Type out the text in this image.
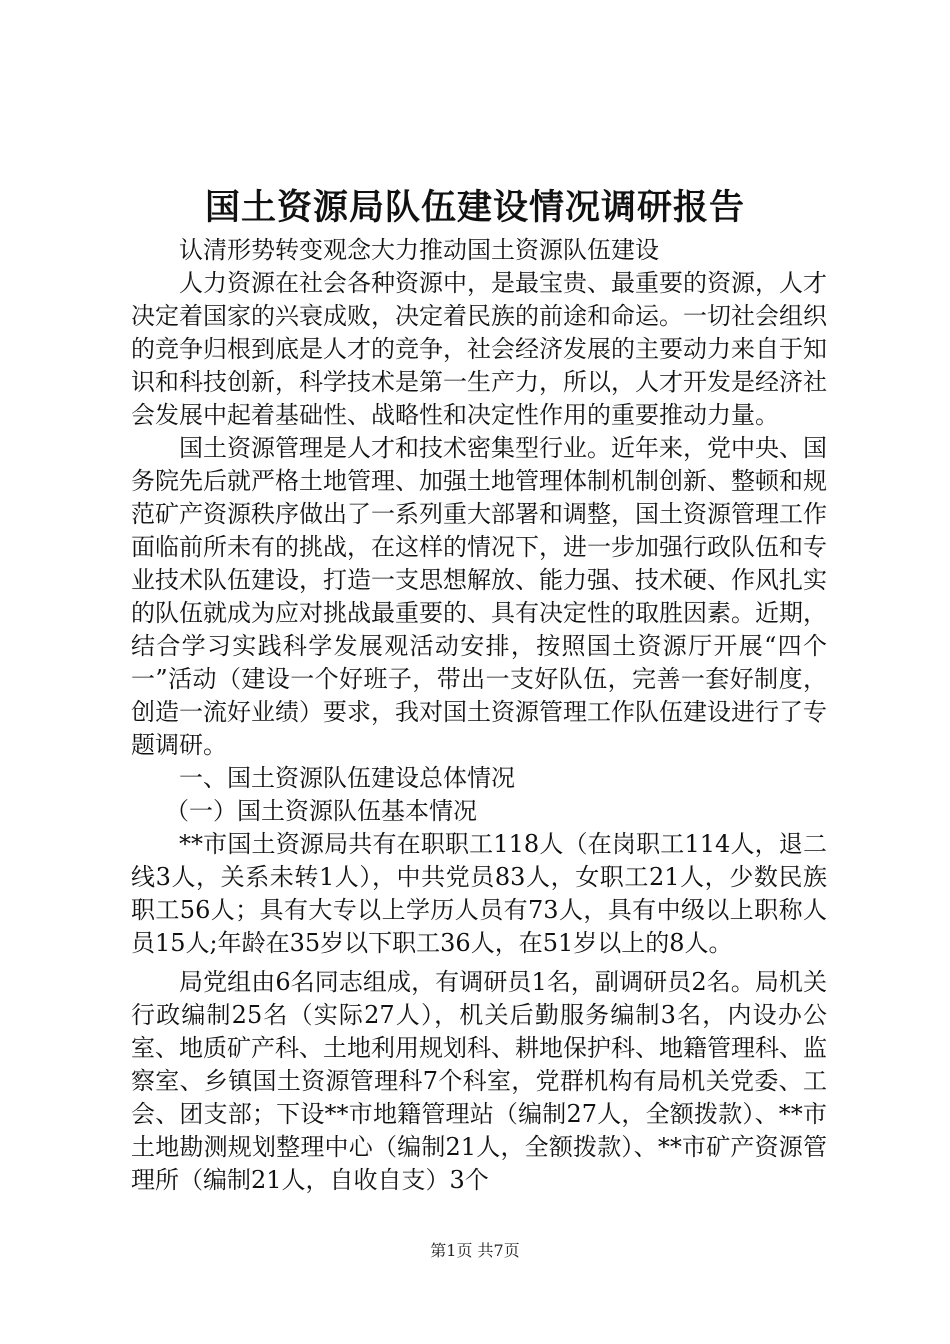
国土资源局队伍建设情况调研报告

认清形势转变观念大力推动国土资源队伍建设

人力资源在社会各种资源中，是最宝贵、最重要的资源，人才决定着国家的兴衰成败，决定着民族的前途和命运。一切社会组织的竞争归根到底是人才的竞争，社会经济发展的主要动力来自于知识和科技创新，科学技术是第一生产力，所以，人才开发是经济社会发展中起着基础性、战略性和决定性作用的重要推动力量。

国土资源管理是人才和技术密集型行业。近年来，党中央、国务院先后就严格土地管理、加强土地管理体制机制创新、整顿和规范矿产资源秩序做出了一系列重大部署和调整，国土资源管理工作面临前所未有的挑战，在这样的情况下，进一步加强行政队伍和专业技术队伍建设，打造一支思想解放、能力强、技术硬、作风扎实的队伍就成为应对挑战最重要的、具有决定性的取胜因素。近期，结合学习实践科学发展观活动安排，按照国土资源厅开展“四个一”活动（建设一个好班子，带出一支好队伍，完善一套好制度，创造一流好业绩）要求，我对国土资源管理工作队伍建设进行了专题调研。

一、国土资源队伍建设总体情况

（一）国土资源队伍基本情况

**市国土资源局共有在职职工118人（在岗职工114人，退二线3人，关系未转1人），中共党员83人，女职工21人，少数民族职工56人；具有大专以上学历人员有73人，具有中级以上职称人员15人;年龄在35岁以下职工36人，在51岁以上的8人。

局党组由6名同志组成，有调研员1名，副调研员2名。局机关行政编制25名（实际27人），机关后勤服务编制3名，内设办公室、地质矿产科、土地利用规划科、耕地保护科、地籍管理科、监察室、乡镇国土资源管理科7个科室，党群机构有局机关党委、工会、团支部；下设**市地籍管理站（编制27人，全额拨款）、**市土地勘测规划整理中心（编制21人，全额拨款）、**市矿产资源管理所（编制21人，自收自支）3个

第1页 共7页
